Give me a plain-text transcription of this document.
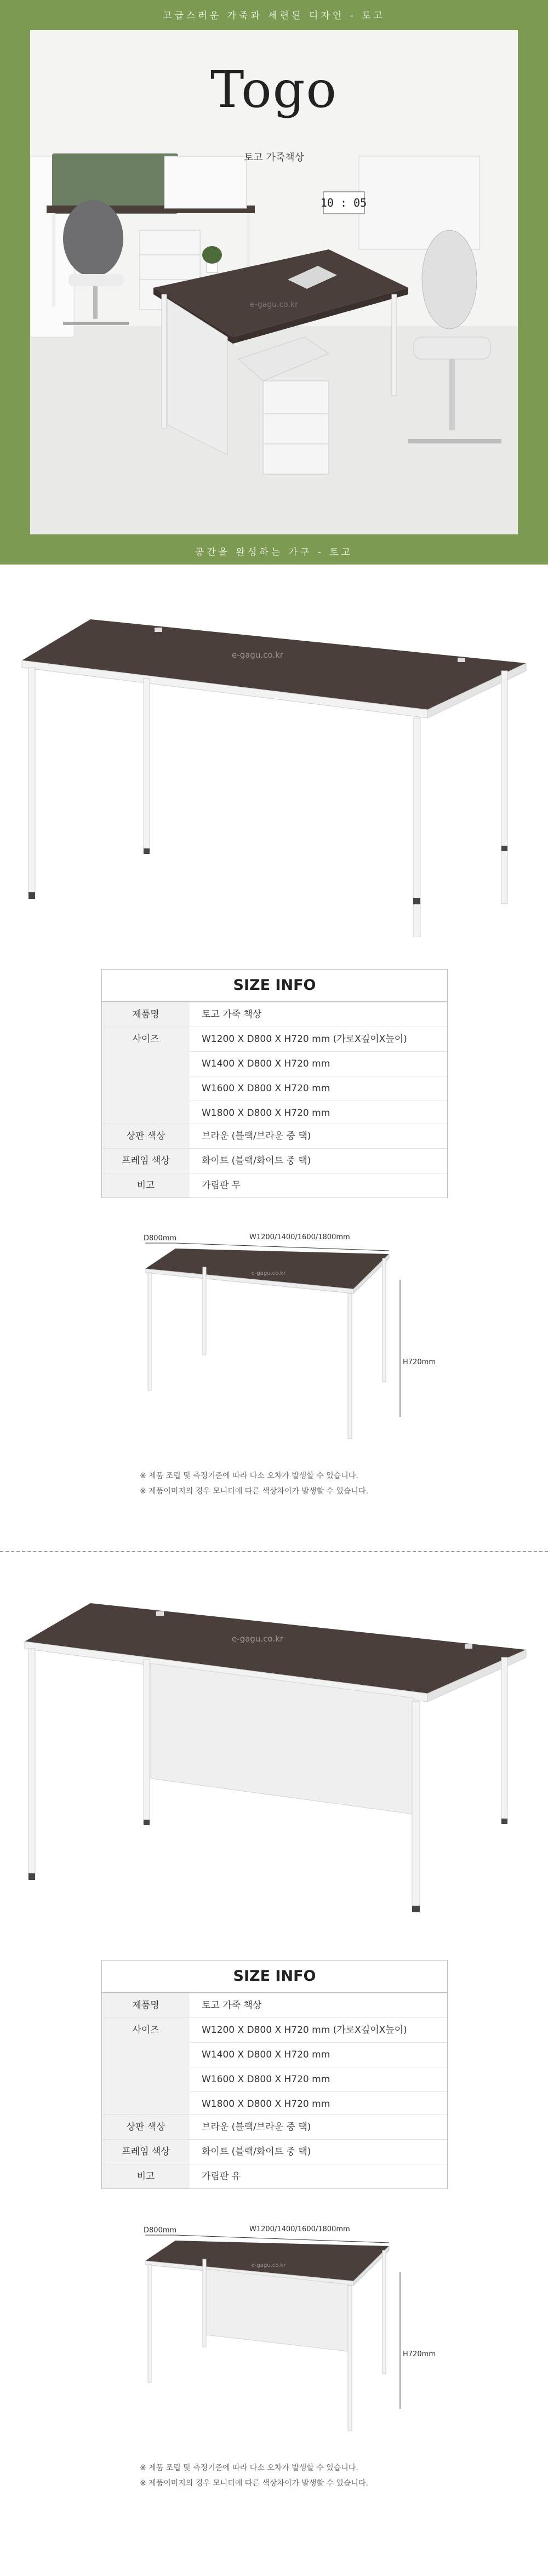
고급스러운 가죽과 세련된 디자인 - 토고
10 : 05
e-gagu.co.kr
Togo
토고 가죽책상
공간을 완성하는 가구 - 토고
e-gagu.co.kr
SIZE INFO
제품명	토고 가죽 책상
사이즈	W1200 X D800 X H720 mm (가로X깊이X높이)
W1400 X D800 X H720 mm
W1600 X D800 X H720 mm
W1800 X D800 X H720 mm
상판 색상	브라운 (블랙/브라운 중 택)
프레임 색상	화이트 (블랙/화이트 중 택)
비고	가림판 무
e-gagu.co.kr
D800mm	W1200/1400/1600/1800mm
H720mm
※ 제품 조립 및 측정기준에 따라 다소 오차가 발생할 수 있습니다.
※ 제품이미지의 경우 모니터에 따른 색상차이가 발생할 수 있습니다.
e-gagu.co.kr
SIZE INFO
제품명	토고 가죽 책상
사이즈	W1200 X D800 X H720 mm (가로X깊이X높이)
W1400 X D800 X H720 mm
W1600 X D800 X H720 mm
W1800 X D800 X H720 mm
상판 색상	브라운 (블랙/브라운 중 택)
프레임 색상	화이트 (블랙/화이트 중 택)
비고	가림판 유
e-gagu.co.kr
D800mm	W1200/1400/1600/1800mm
H720mm
※ 제품 조립 및 측정기준에 따라 다소 오차가 발생할 수 있습니다.
※ 제품이미지의 경우 모니터에 따른 색상차이가 발생할 수 있습니다.
